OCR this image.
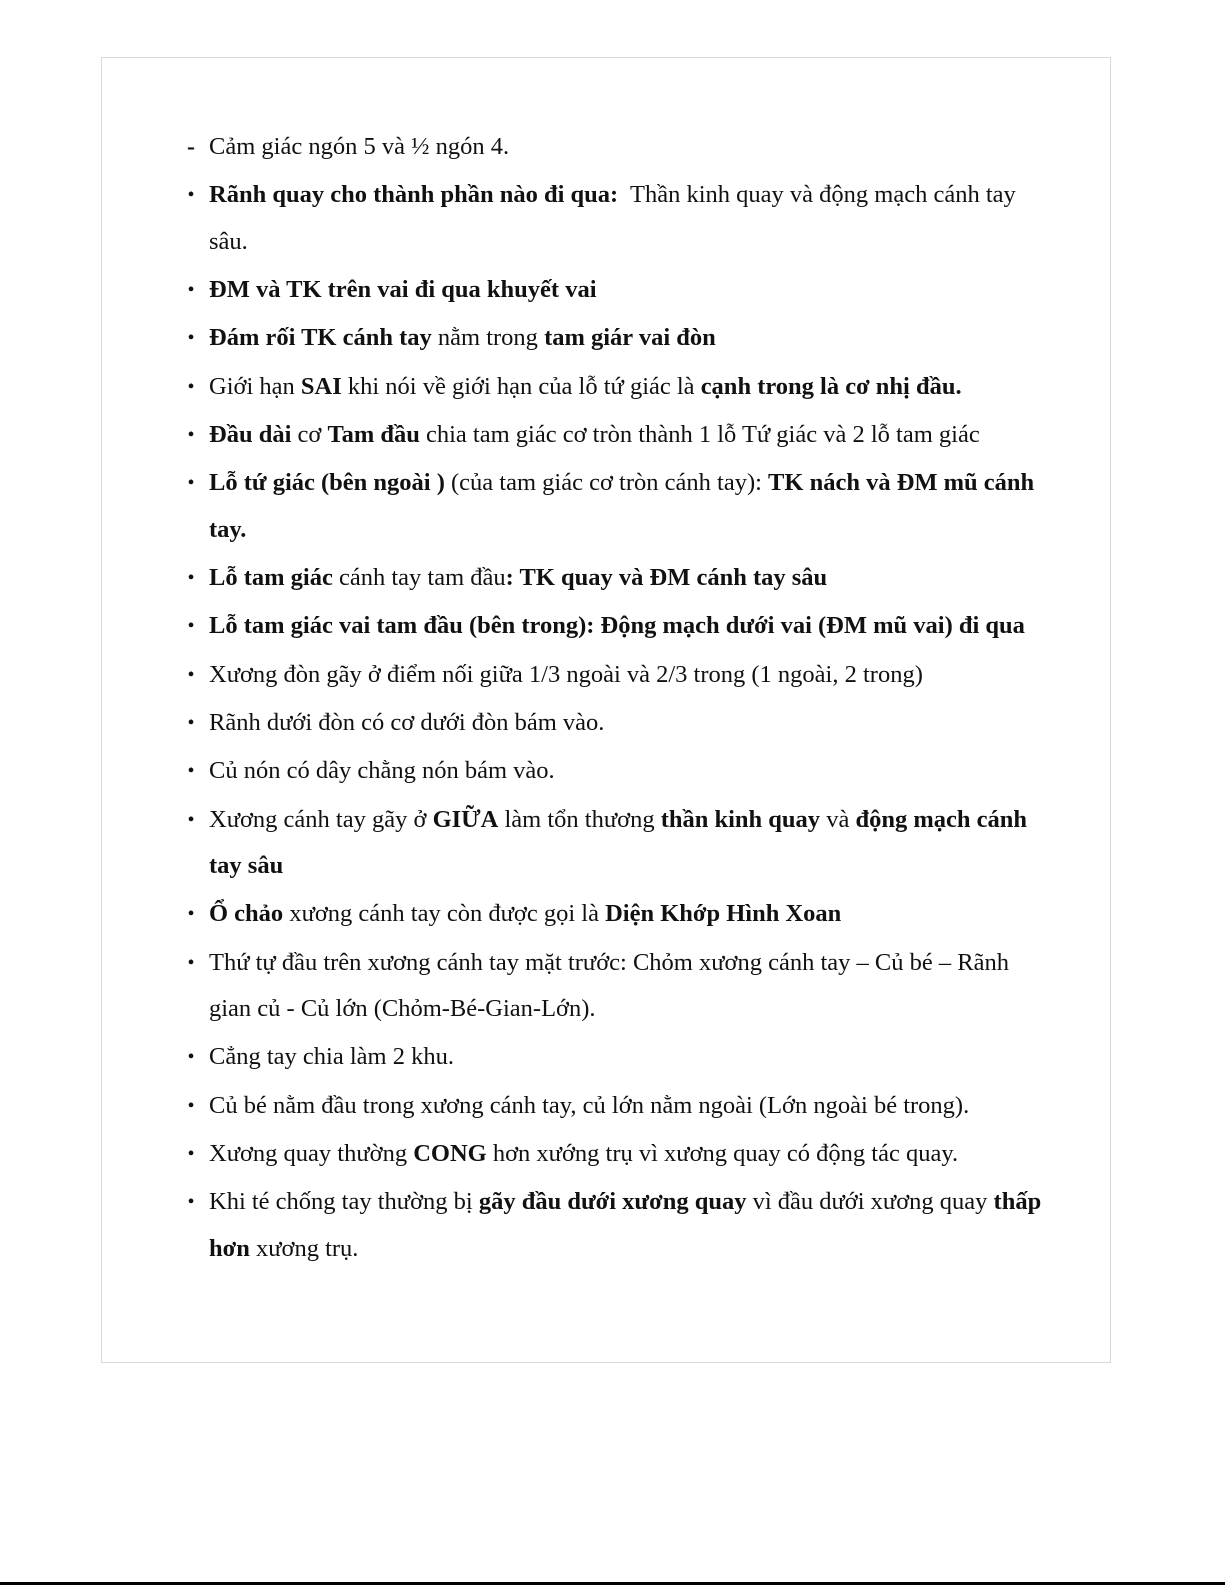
- Cảm giác ngón 5 và ½ ngón 4.
• Rãnh quay cho thành phần nào đi qua:  Thần kinh quay và động mạch cánh tay sâu.
• ĐM và TK trên vai đi qua khuyết vai
• Đám rối TK cánh tay nằm trong tam giár vai đòn
• Giới hạn SAI khi nói về giới hạn của lỗ tứ giác là cạnh trong là cơ nhị đầu.
• Đầu dài cơ Tam đầu chia tam giác cơ tròn thành 1 lỗ Tứ giác và 2 lỗ tam giác
• Lỗ tứ giác (bên ngoài ) (của tam giác cơ tròn cánh tay): TK nách và ĐM mũ cánh tay.
• Lỗ tam giác cánh tay tam đầu: TK quay và ĐM cánh tay sâu
• Lỗ tam giác vai tam đầu (bên trong): Động mạch dưới vai (ĐM mũ vai) đi qua
• Xương đòn gãy ở điểm nối giữa 1/3 ngoài và 2/3 trong (1 ngoài, 2 trong)
• Rãnh dưới đòn có cơ dưới đòn bám vào.
• Củ nón có dây chằng nón bám vào.
• Xương cánh tay gãy ở GIỮA làm tổn thương thần kinh quay và động mạch cánh tay sâu
• Ổ chảo xương cánh tay còn được gọi là Diện Khớp Hình Xoan
• Thứ tự đầu trên xương cánh tay mặt trước: Chỏm xương cánh tay – Củ bé – Rãnh gian củ - Củ lớn (Chỏm-Bé-Gian-Lớn).
• Cẳng tay chia làm 2 khu.
• Củ bé nằm đầu trong xương cánh tay, củ lớn nằm ngoài (Lớn ngoài bé trong).
• Xương quay thường CONG hơn xướng trụ vì xương quay có động tác quay.
• Khi té chống tay thường bị gãy đầu dưới xương quay vì đầu dưới xương quay thấp hơn xương trụ.
